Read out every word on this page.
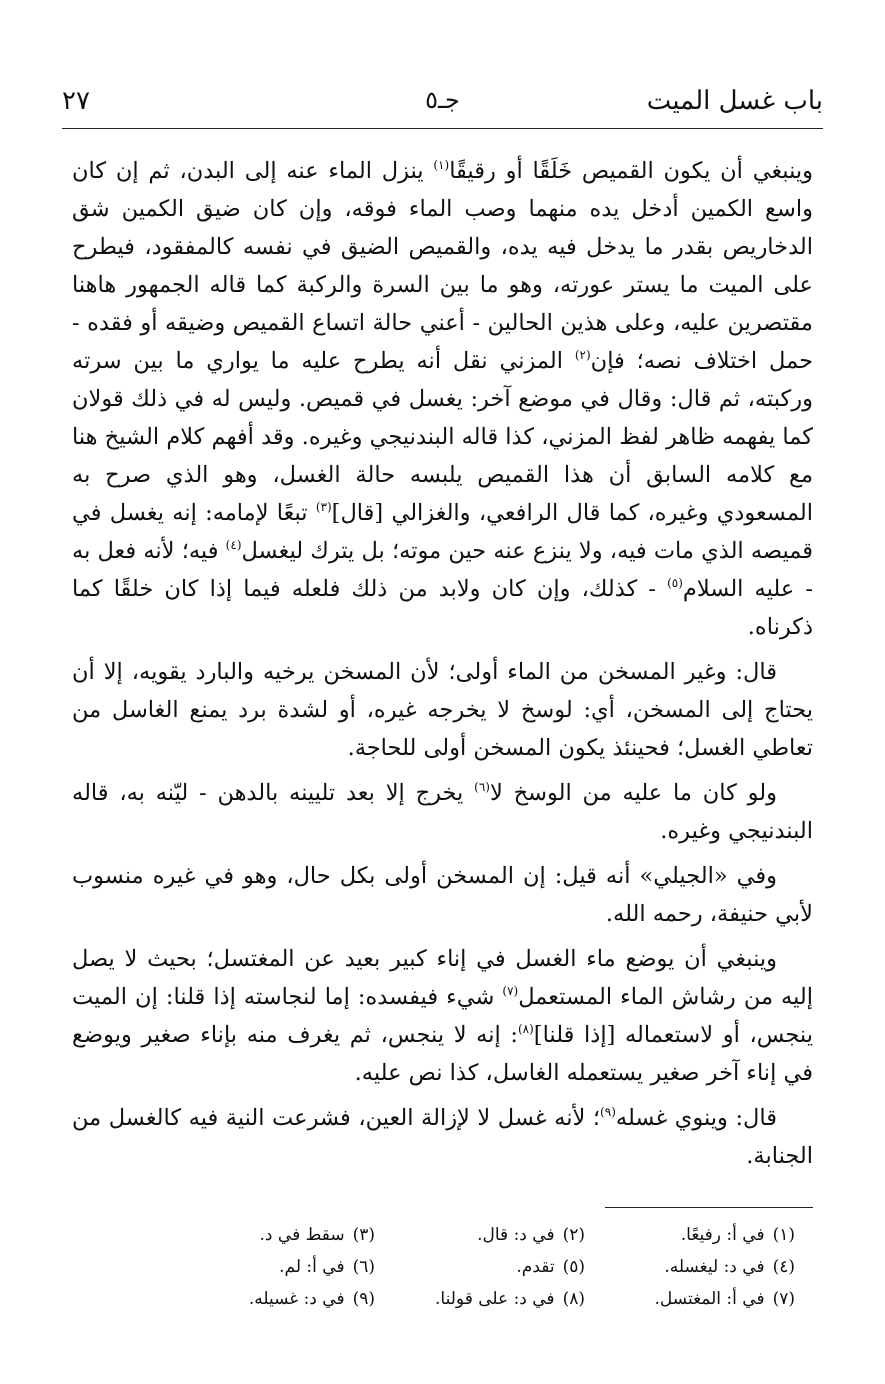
باب غسل الميت
جـ٥
٢٧

وينبغي أن يكون القميص خَلَقًا أو رقيقًا$^{(١)}$ ينزل الماء عنه إلى البدن، ثم إن كان واسع الكمين أدخل يده منهما وصب الماء فوقه، وإن كان ضيق الكمين شق الدخاريص بقدر ما يدخل فيه يده، والقميص الضيق في نفسه كالمفقود، فيطرح على الميت ما يستر عورته، وهو ما بين السرة والركبة كما قاله الجمهور هاهنا مقتصرين عليه، وعلى هذين الحالين - أعني حالة اتساع القميص وضيقه أو فقده - حمل اختلاف نصه؛ فإن$^{(٢)}$ المزني نقل أنه يطرح عليه ما يواري ما بين سرته وركبته، ثم قال: وقال في موضع آخر: يغسل في قميص. وليس له في ذلك قولان كما يفهمه ظاهر لفظ المزني، كذا قاله البندنيجي وغيره. وقد أفهم كلام الشيخ هنا مع كلامه السابق أن هذا القميص يلبسه حالة الغسل، وهو الذي صرح به المسعودي وغيره، كما قال الرافعي، والغزالي [قال]$^{(٣)}$ تبعًا لإمامه: إنه يغسل في قميصه الذي مات فيه، ولا ينزع عنه حين موته؛ بل يترك ليغسل$^{(٤)}$ فيه؛ لأنه فعل به - عليه السلام$^{(٥)}$ - كذلك، وإن كان ولابد من ذلك فلعله فيما إذا كان خلقًا كما ذكرناه.

قال: وغير المسخن من الماء أولى؛ لأن المسخن يرخيه والبارد يقويه، إلا أن يحتاج إلى المسخن، أي: لوسخ لا يخرجه غيره، أو لشدة برد يمنع الغاسل من تعاطي الغسل؛ فحينئذ يكون المسخن أولى للحاجة.

ولو كان ما عليه من الوسخ لا$^{(٦)}$ يخرج إلا بعد تليينه بالدهن - ليّنه به، قاله البندنيجي وغيره.

وفي «الجيلي» أنه قيل: إن المسخن أولى بكل حال، وهو في غيره منسوب لأبي حنيفة، رحمه الله.

وينبغي أن يوضع ماء الغسل في إناء كبير بعيد عن المغتسل؛ بحيث لا يصل إليه من رشاش الماء المستعمل$^{(٧)}$ شيء فيفسده: إما لنجاسته إذا قلنا: إن الميت ينجس، أو لاستعماله [إذا قلنا]$^{(٨)}$: إنه لا ينجس، ثم يغرف منه بإناء صغير ويوضع في إناء آخر صغير يستعمله الغاسل، كذا نص عليه.

قال: وينوي غسله$^{(٩)}$؛ لأنه غسل لا لإزالة العين، فشرعت النية فيه كالغسل من الجنابة.

(١)في أ: رفيعًا.
(٢)في د: قال.
(٣)سقط في د.
(٤)في د: ليغسله.
(٥)تقدم.
(٦)في أ: لم.
(٧)في أ: المغتسل.
(٨)في د: على قولنا.
(٩)في د: غسيله.
